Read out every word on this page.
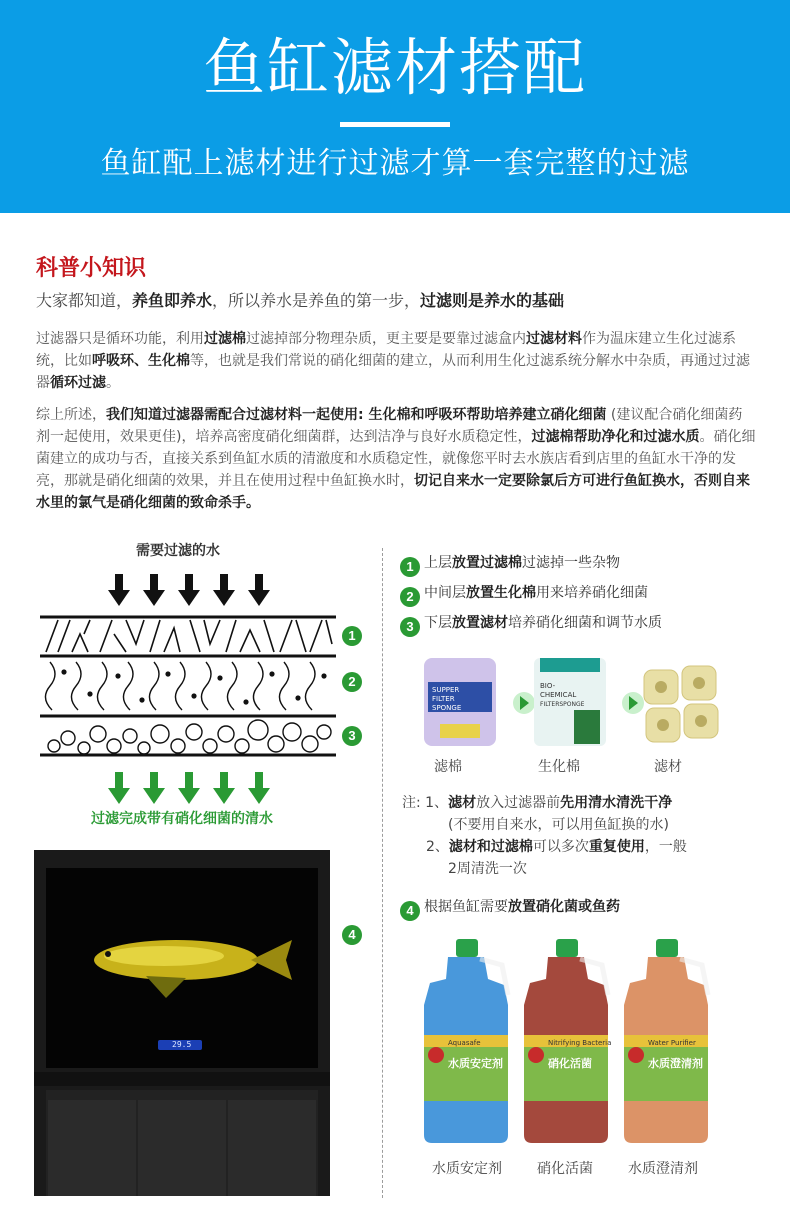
鱼缸滤材搭配
鱼缸配上滤材进行过滤才算一套完整的过滤
科普小知识
大家都知道，养鱼即养水，所以养水是养鱼的第一步，过滤则是养水的基础
过滤器只是循环功能，利用过滤棉过滤掉部分物理杂质，更主要是要靠过滤盒内过滤材料作为温床建立生化过滤系统，比如呼吸环、生化棉等，也就是我们常说的硝化细菌的建立，从而利用生化过滤系统分解水中杂质，再通过过滤器循环过滤。
综上所述，我们知道过滤器需配合过滤材料一起使用: 生化棉和呼吸环帮助培养建立硝化细菌 (建议配合硝化细菌药剂一起使用，效果更佳)，培养高密度硝化细菌群，达到洁净与良好水质稳定性，过滤棉帮助净化和过滤水质。硝化细菌建立的成功与否，直接关系到鱼缸水质的清澈度和水质稳定性，就像您平时去水族店看到店里的鱼缸水干净的发亮，那就是硝化细菌的效果，并且在使用过程中鱼缸换水时，切记自来水一定要除氯后方可进行鱼缸换水，否则自来水里的氯气是硝化细菌的致命杀手。
需要过滤的水
1
2
3
过滤完成带有硝化细菌的清水
29.5
4
1 上层放置过滤棉过滤掉一些杂物
2 中间层放置生化棉用来培养硝化细菌
3 下层放置滤材培养硝化细菌和调节水质
SUPPER
FILTER
SPONGE
BIO-
CHEMICAL
FILTERSPONGE
滤棉	生化棉	滤材
注: 1、滤材放入过滤器前先用清水清洗干净
(不要用自来水，可以用鱼缸换的水)
2、滤材和过滤棉可以多次重复使用，一般
2周清洗一次
4 根据鱼缸需要放置硝化菌或鱼药
Aquasafe
水质安定剂
Nitrifying Bacteria
硝化活菌
Water Purifier
水质澄清剂
水质安定剂	硝化活菌	水质澄清剂
